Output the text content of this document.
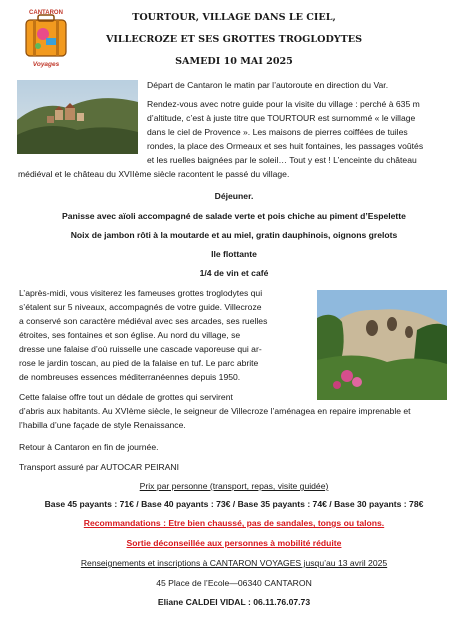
CANTARON
Voyages
TOURTOUR, VILLAGE DANS LE CIEL,
VILLECROZE ET SES GROTTES TROGLODYTES
SAMEDI 10 MAI 2025
Départ de Cantaron le matin par l’autoroute en direction du Var.
Rendez-vous avec notre guide pour la visite du village : perché à 635 m
d’altitude, c’est à juste titre que TOURTOUR est surnommé « le village
dans le ciel de Provence ». Les maisons de pierres coiffées de tuiles
rondes, la place des Ormeaux et ses huit fontaines, les passages voûtés
et les ruelles baignées par le soleil… Tout y est ! L’enceinte du château
médiéval et le château du XVIIème siècle racontent le passé du village.
Déjeuner.
Panisse avec aïoli accompagné de salade verte et pois chiche au piment d’Espelette
Noix de jambon rôti à la moutarde et au miel, gratin dauphinois, oignons grelots
Ile flottante
1/4 de vin et café
L’après-midi, vous visiterez les fameuses grottes troglodytes qui
s’étalent sur 5 niveaux, accompagnés de votre guide. Villecroze
a conservé son caractère médiéval avec ses arcades, ses ruelles
étroites, ses fontaines et son église. Au nord du village, se
dresse une falaise d’où ruisselle une cascade vaporeuse qui ar-
rose le jardin toscan, au pied de la falaise en tuf. Le parc abrite
de nombreuses essences méditerranéennes depuis 1950.
Cette falaise offre tout un dédale de grottes qui servirent
d’abris aux habitants. Au XVIème siècle, le seigneur de Villecroze l’aménagea en repaire imprenable et
l’habilla d’une façade de style Renaissance.
Retour à Cantaron en fin de journée.
Transport assuré par AUTOCAR PEIRANI
Prix par personne (transport, repas, visite guidée)
Base 45 payants : 71€ / Base 40 payants : 73€ / Base 35 payants : 74€ / Base 30 payants : 78€
Recommandations : Etre bien chaussé, pas de sandales, tongs ou talons.
Sortie déconseillée aux personnes à mobilité réduite
Renseignements et inscriptions à CANTARON VOYAGES jusqu’au 13 avril 2025
45 Place de l’Ecole—06340 CANTARON
Eliane CALDEI VIDAL : 06.11.76.07.73
